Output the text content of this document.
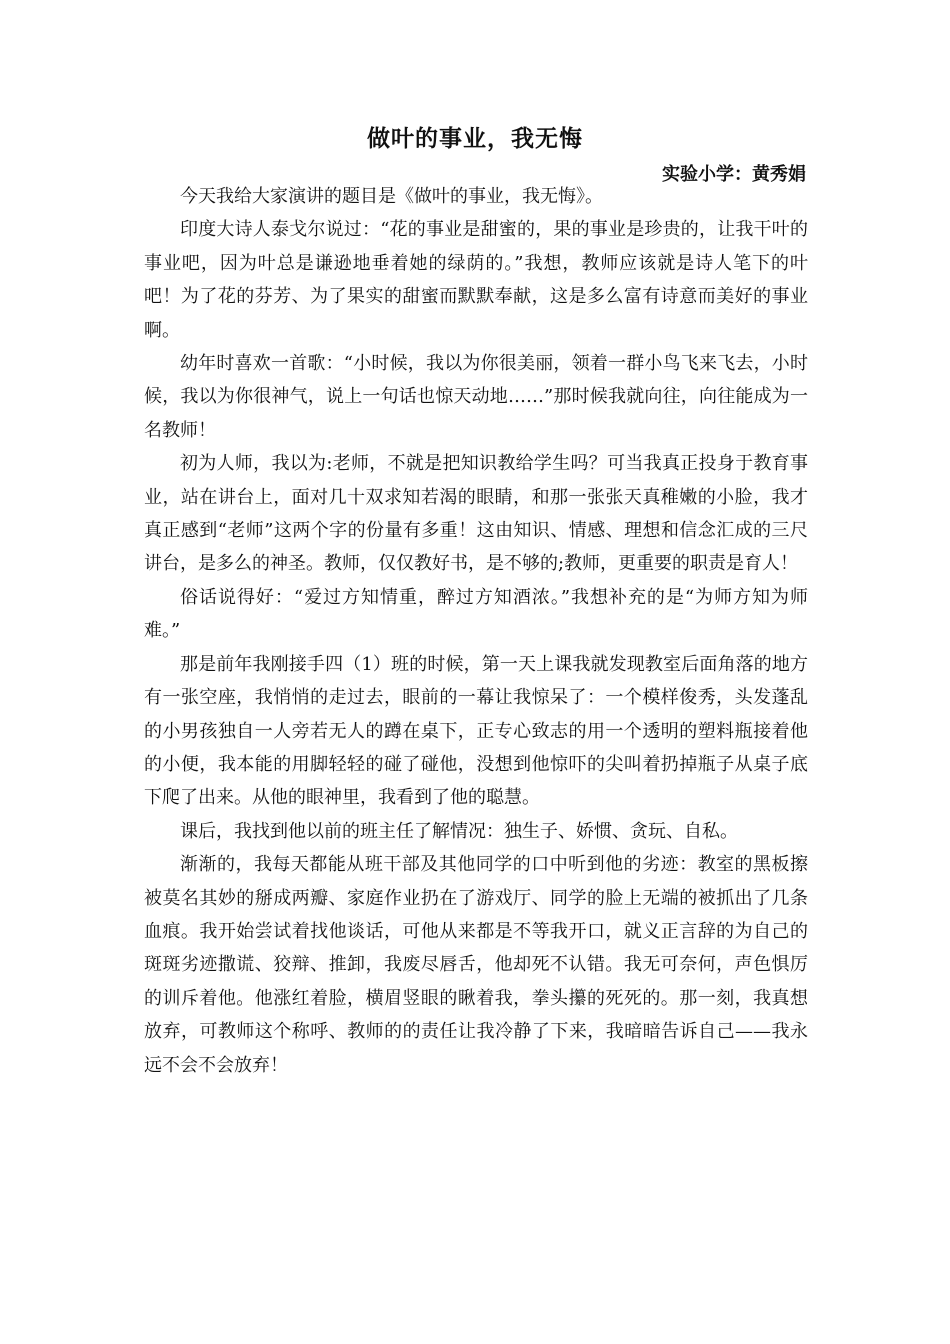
做叶的事业，我无悔
实验小学：黄秀娟

今天我给大家演讲的题目是《做叶的事业，我无悔》。

印度大诗人泰戈尔说过：“花的事业是甜蜜的，果的事业是珍贵的，让我干叶的事业吧，因为叶总是谦逊地垂着她的绿荫的。”我想，教师应该就是诗人笔下的叶吧！为了花的芬芳、为了果实的甜蜜而默默奉献，这是多么富有诗意而美好的事业啊。

幼年时喜欢一首歌：“小时候，我以为你很美丽，领着一群小鸟飞来飞去，小时候，我以为你很神气，说上一句话也惊天动地……”那时候我就向往，向往能成为一名教师！

初为人师，我以为:老师，不就是把知识教给学生吗？可当我真正投身于教育事业，站在讲台上，面对几十双求知若渴的眼睛，和那一张张天真稚嫩的小脸，我才真正感到“老师”这两个字的份量有多重！这由知识、情感、理想和信念汇成的三尺讲台，是多么的神圣。教师，仅仅教好书，是不够的;教师，更重要的职责是育人！

俗话说得好：“爱过方知情重，醉过方知酒浓。”我想补充的是“为师方知为师难。”

那是前年我刚接手四（1）班的时候，第一天上课我就发现教室后面角落的地方有一张空座，我悄悄的走过去，眼前的一幕让我惊呆了：一个模样俊秀，头发蓬乱的小男孩独自一人旁若无人的蹲在桌下，正专心致志的用一个透明的塑料瓶接着他的小便，我本能的用脚轻轻的碰了碰他，没想到他惊吓的尖叫着扔掉瓶子从桌子底下爬了出来。从他的眼神里，我看到了他的聪慧。

课后，我找到他以前的班主任了解情况：独生子、娇惯、贪玩、自私。

渐渐的，我每天都能从班干部及其他同学的口中听到他的劣迹：教室的黑板擦被莫名其妙的掰成两瓣、家庭作业扔在了游戏厅、同学的脸上无端的被抓出了几条血痕。我开始尝试着找他谈话，可他从来都是不等我开口，就义正言辞的为自己的斑斑劣迹撒谎、狡辩、推卸，我废尽唇舌，他却死不认错。我无可奈何，声色惧厉的训斥着他。他涨红着脸，横眉竖眼的瞅着我，拳头攥的死死的。那一刻，我真想放弃，可教师这个称呼、教师的的责任让我冷静了下来，我暗暗告诉自己——我永远不会不会放弃！
